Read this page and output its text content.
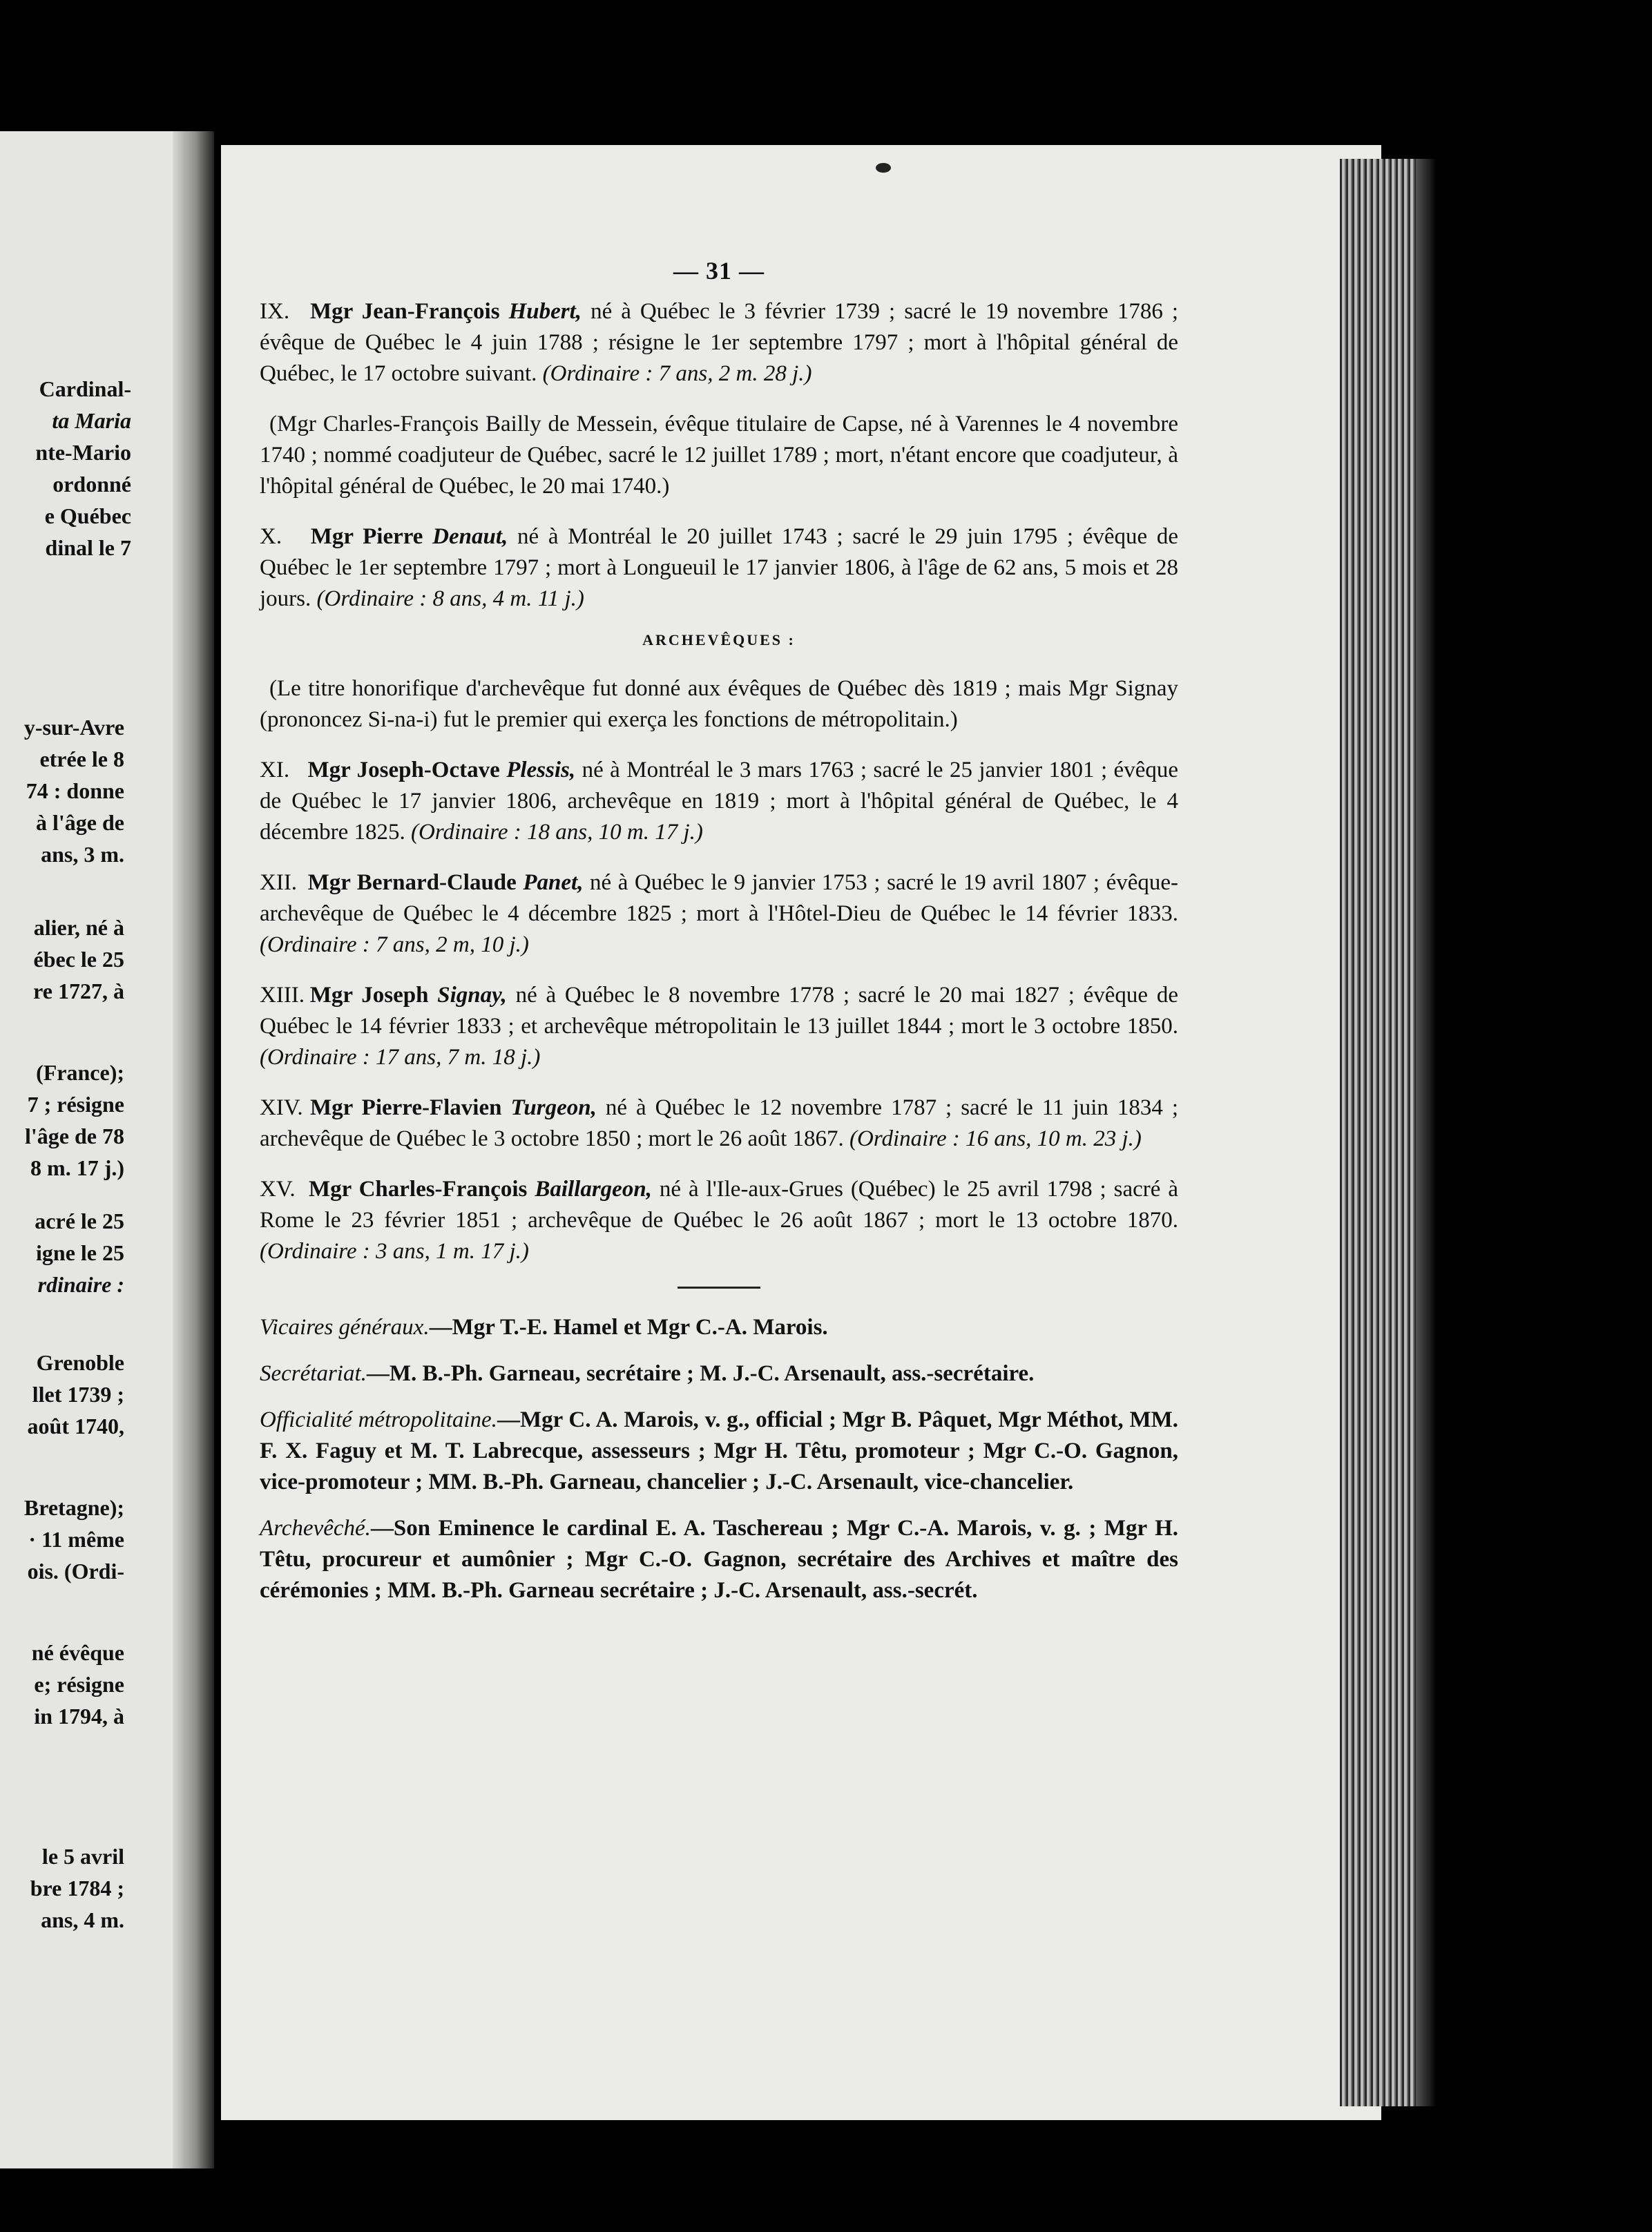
Cardinal-
ta Maria
nte-Mario
ordonné
e Québec
dinal le 7
y-sur-Avre
etrée le 8
74 : donne
à l'âge de
ans, 3 m.
alier, né à
ébec le 25
re 1727, à
(France);
7 ; résigne
l'âge de 78
8 m. 17 j.)
acré le 25
igne le 25
rdinaire :
Grenoble
llet 1739 ;
août 1740,
Bretagne);
· 11 même
ois. (Ordi-
né évêque
e; résigne
in 1794, à
le 5 avril
bre 1784 ;
ans, 4 m.
— 31 —

IX. Mgr Jean-François Hubert, né à Québec le 3 février 1739 ; sacré le 19 novembre 1786 ; évêque de Québec le 4 juin 1788 ; résigne le 1er septembre 1797 ; mort à l'hôpital général de Québec, le 17 octobre suivant. (Ordinaire : 7 ans, 2 m. 28 j.)

(Mgr Charles-François Bailly de Messein, évêque titulaire de Capse, né à Varennes le 4 novembre 1740 ; nommé coadjuteur de Québec, sacré le 12 juillet 1789 ; mort, n'étant encore que coadjuteur, à l'hôpital général de Québec, le 20 mai 1740.)

X. Mgr Pierre Denaut, né à Montréal le 20 juillet 1743 ; sacré le 29 juin 1795 ; évêque de Québec le 1er septembre 1797 ; mort à Longueuil le 17 janvier 1806, à l'âge de 62 ans, 5 mois et 28 jours. (Ordinaire : 8 ans, 4 m. 11 j.)

ARCHEVÊQUES :

(Le titre honorifique d'archevêque fut donné aux évêques de Québec dès 1819 ; mais Mgr Signay (prononcez Si-na-i) fut le premier qui exerça les fonctions de métropolitain.)

XI. Mgr Joseph-Octave Plessis, né à Montréal le 3 mars 1763 ; sacré le 25 janvier 1801 ; évêque de Québec le 17 janvier 1806, archevêque en 1819 ; mort à l'hôpital général de Québec, le 4 décembre 1825. (Ordinaire : 18 ans, 10 m. 17 j.)

XII. Mgr Bernard-Claude Panet, né à Québec le 9 janvier 1753 ; sacré le 19 avril 1807 ; évêque-archevêque de Québec le 4 décembre 1825 ; mort à l'Hôtel-Dieu de Québec le 14 février 1833. (Ordinaire : 7 ans, 2 m, 10 j.)

XIII. Mgr Joseph Signay, né à Québec le 8 novembre 1778 ; sacré le 20 mai 1827 ; évêque de Québec le 14 février 1833 ; et archevêque métropolitain le 13 juillet 1844 ; mort le 3 octobre 1850. (Ordinaire : 17 ans, 7 m. 18 j.)

XIV. Mgr Pierre-Flavien Turgeon, né à Québec le 12 novembre 1787 ; sacré le 11 juin 1834 ; archevêque de Québec le 3 octobre 1850 ; mort le 26 août 1867. (Ordinaire : 16 ans, 10 m. 23 j.)

XV. Mgr Charles-François Baillargeon, né à l'Ile-aux-Grues (Québec) le 25 avril 1798 ; sacré à Rome le 23 février 1851 ; archevêque de Québec le 26 août 1867 ; mort le 13 octobre 1870. (Ordinaire : 3 ans, 1 m. 17 j.)

Vicaires généraux.—Mgr T.-E. Hamel et Mgr C.-A. Marois.

Secrétariat.—M. B.-Ph. Garneau, secrétaire ; M. J.-C. Arsenault, ass.-secrétaire.

Officialité métropolitaine.—Mgr C. A. Marois, v. g., official ; Mgr B. Pâquet, Mgr Méthot, MM. F. X. Faguy et M. T. Labrecque, assesseurs ; Mgr H. Têtu, promoteur ; Mgr C.-O. Gagnon, vice-promoteur ; MM. B.-Ph. Garneau, chancelier ; J.-C. Arsenault, vice-chancelier.

Archevêché.—Son Eminence le cardinal E. A. Taschereau ; Mgr C.-A. Marois, v. g. ; Mgr H. Têtu, procureur et aumônier ; Mgr C.-O. Gagnon, secrétaire des Archives et maître des cérémonies ; MM. B.-Ph. Garneau secrétaire ; J.-C. Arsenault, ass.-secrét.
